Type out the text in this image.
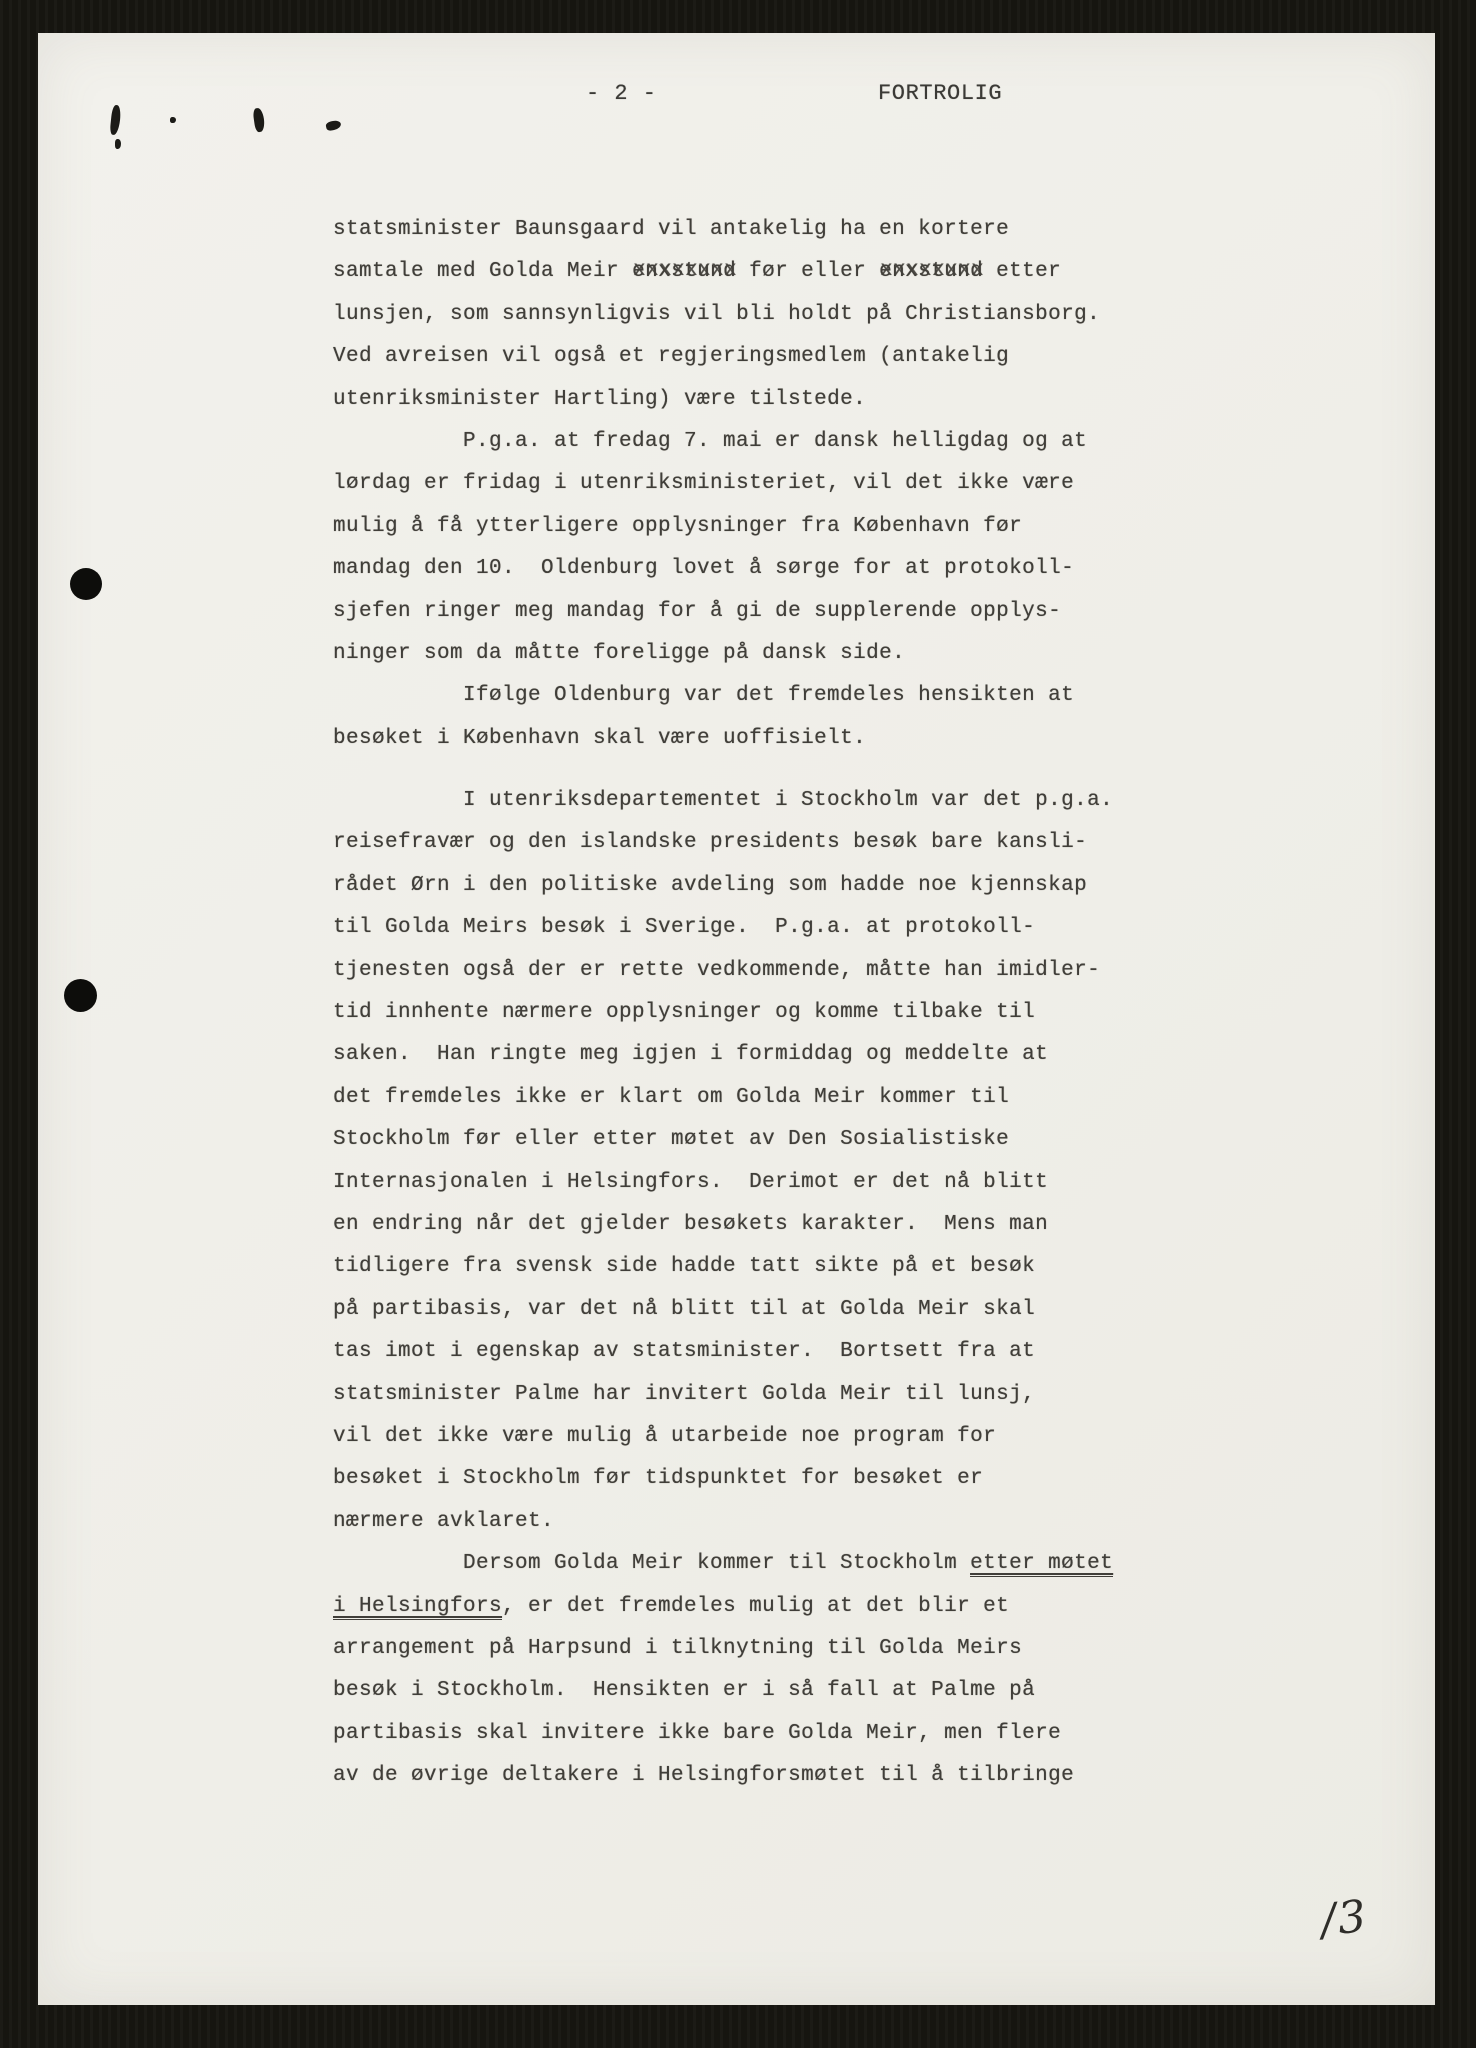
- 2 -	FORTROLIG
statsminister Baunsgaard vil antakelig ha en kortere
samtale med Golda Meir enxstund xxxxxxxx før eller enxstund xxxxxxxx etter
lunsjen, som sannsynligvis vil bli holdt på Christiansborg.
Ved avreisen vil også et regjeringsmedlem (antakelig
utenriksminister Hartling) være tilstede.
P.g.a. at fredag 7. mai er dansk helligdag og at
lørdag er fridag i utenriksministeriet, vil det ikke være
mulig å få ytterligere opplysninger fra København før
mandag den 10.  Oldenburg lovet å sørge for at protokoll-
sjefen ringer meg mandag for å gi de supplerende opplys-
ninger som da måtte foreligge på dansk side.
Ifølge Oldenburg var det fremdeles hensikten at
besøket i København skal være uoffisielt.
I utenriksdepartementet i Stockholm var det p.g.a.
reisefravær og den islandske presidents besøk bare kansli-
rådet Ørn i den politiske avdeling som hadde noe kjennskap
til Golda Meirs besøk i Sverige.  P.g.a. at protokoll-
tjenesten også der er rette vedkommende, måtte han imidler-
tid innhente nærmere opplysninger og komme tilbake til
saken.  Han ringte meg igjen i formiddag og meddelte at
det fremdeles ikke er klart om Golda Meir kommer til
Stockholm før eller etter møtet av Den Sosialistiske
Internasjonalen i Helsingfors.  Derimot er det nå blitt
en endring når det gjelder besøkets karakter.  Mens man
tidligere fra svensk side hadde tatt sikte på et besøk
på partibasis, var det nå blitt til at Golda Meir skal
tas imot i egenskap av statsminister.  Bortsett fra at
statsminister Palme har invitert Golda Meir til lunsj,
vil det ikke være mulig å utarbeide noe program for
besøket i Stockholm før tidspunktet for besøket er
nærmere avklaret.
Dersom Golda Meir kommer til Stockholm etter møtet
i Helsingfors, er det fremdeles mulig at det blir et
arrangement på Harpsund i tilknytning til Golda Meirs
besøk i Stockholm.  Hensikten er i så fall at Palme på
partibasis skal invitere ikke bare Golda Meir, men flere
av de øvrige deltakere i Helsingforsmøtet til å tilbringe
/3
